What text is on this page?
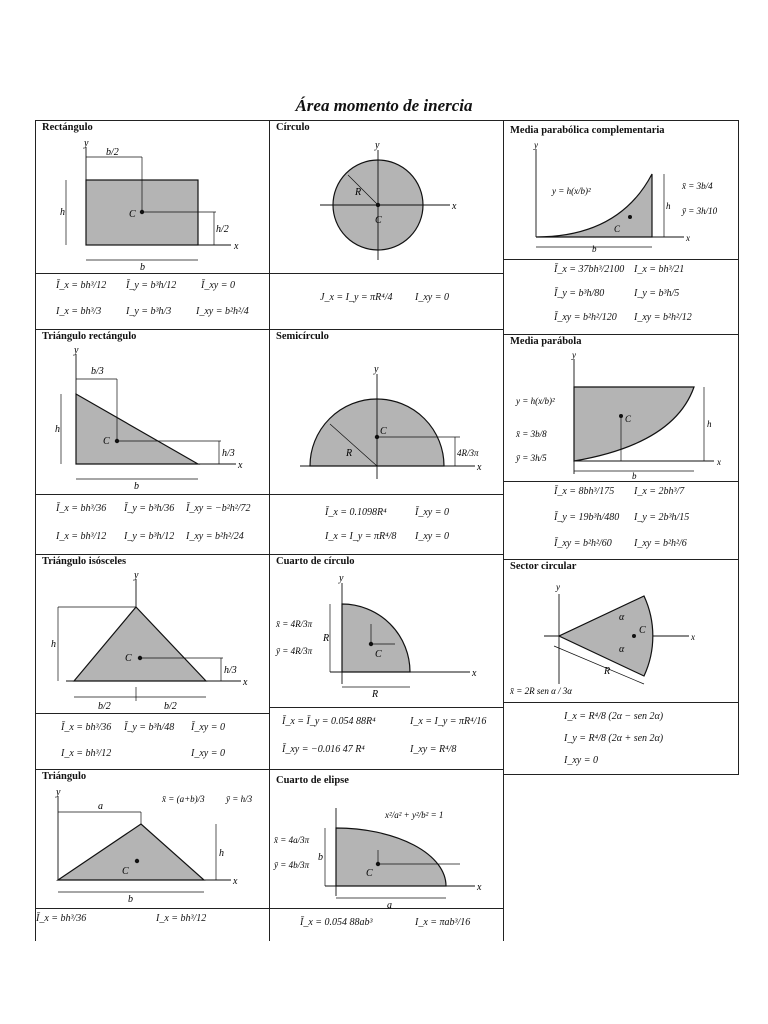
Área momento de inercia
Rectángulo
y
x
C
b/2
h
h/2
b
Ī_x = bh³/12 Ī_y = b³h/12 Ī_xy = 0
I_x = bh³/3 I_y = b³h/3 I_xy = b²h²/4
Círculo
y
x
C
R
J_x = I_y = πR⁴/4 I_xy = 0
Media parabólica complementaria
y
x
C
y = h(x/b)²
h
b
x̄ = 3b/4
ȳ = 3h/10
Ī_x = 37bh³/2100 I_x = bh³/21
Ī_y = b³h/80	I_y = b³h/5
Ī_xy = b²h²/120 I_xy = b²h²/12
Triángulo rectángulo
y
x
C
b/3
h
h/3
b
Ī_x = bh³/36 Ī_y = b³h/36 Ī_xy = −b²h²/72
I_x = bh³/12 I_y = b³h/12 I_xy = b²h²/24
Semicírculo
y
x
C
R	4R/3π
Ī_x = 0.1098R⁴	Ī_xy = 0
I_x = I_y = πR⁴/8 I_xy = 0
Media parábola
y
x
C
y = h(x/b)²
x̄ = 3b/8
ȳ = 3h/5
h
b
Ī_x = 8bh³/175 I_x = 2bh³/7
Ī_y = 19b³h/480 I_y = 2b³h/15
Ī_xy = b²h²/60 I_xy = b²h²/6
Triángulo isósceles
y
x
C
h
h/3
b/2	b/2
Ī_x = bh³/36 Ī_y = b³h/48 Ī_xy = 0
I_x = bh³/12	I_xy = 0
Cuarto de círculo
y
x
C
R
R
x̄ = 4R/3π
ȳ = 4R/3π
Ī_x = Ī_y = 0.054 88R⁴	I_x = I_y = πR⁴/16
Ī_xy = −0.016 47 R⁴	I_xy = R⁴/8
Sector circular
y
x
C
α
α
R
x̄ = 2R sen α / 3α
I_x = R⁴/8 (2α − sen 2α)
I_y = R⁴/8 (2α + sen 2α)
I_xy = 0
Triángulo
y
x
C
a
h
b
x̄ = (a+b)/3 ȳ = h/3
Ī_x = bh³/36	I_x = bh³/12
Cuarto de elipse
x²/a² + y²/b² = 1
x
C
b
a
x̄ = 4a/3π
ȳ = 4b/3π
Ī_x = 0.054 88ab³	I_x = πab³/16
